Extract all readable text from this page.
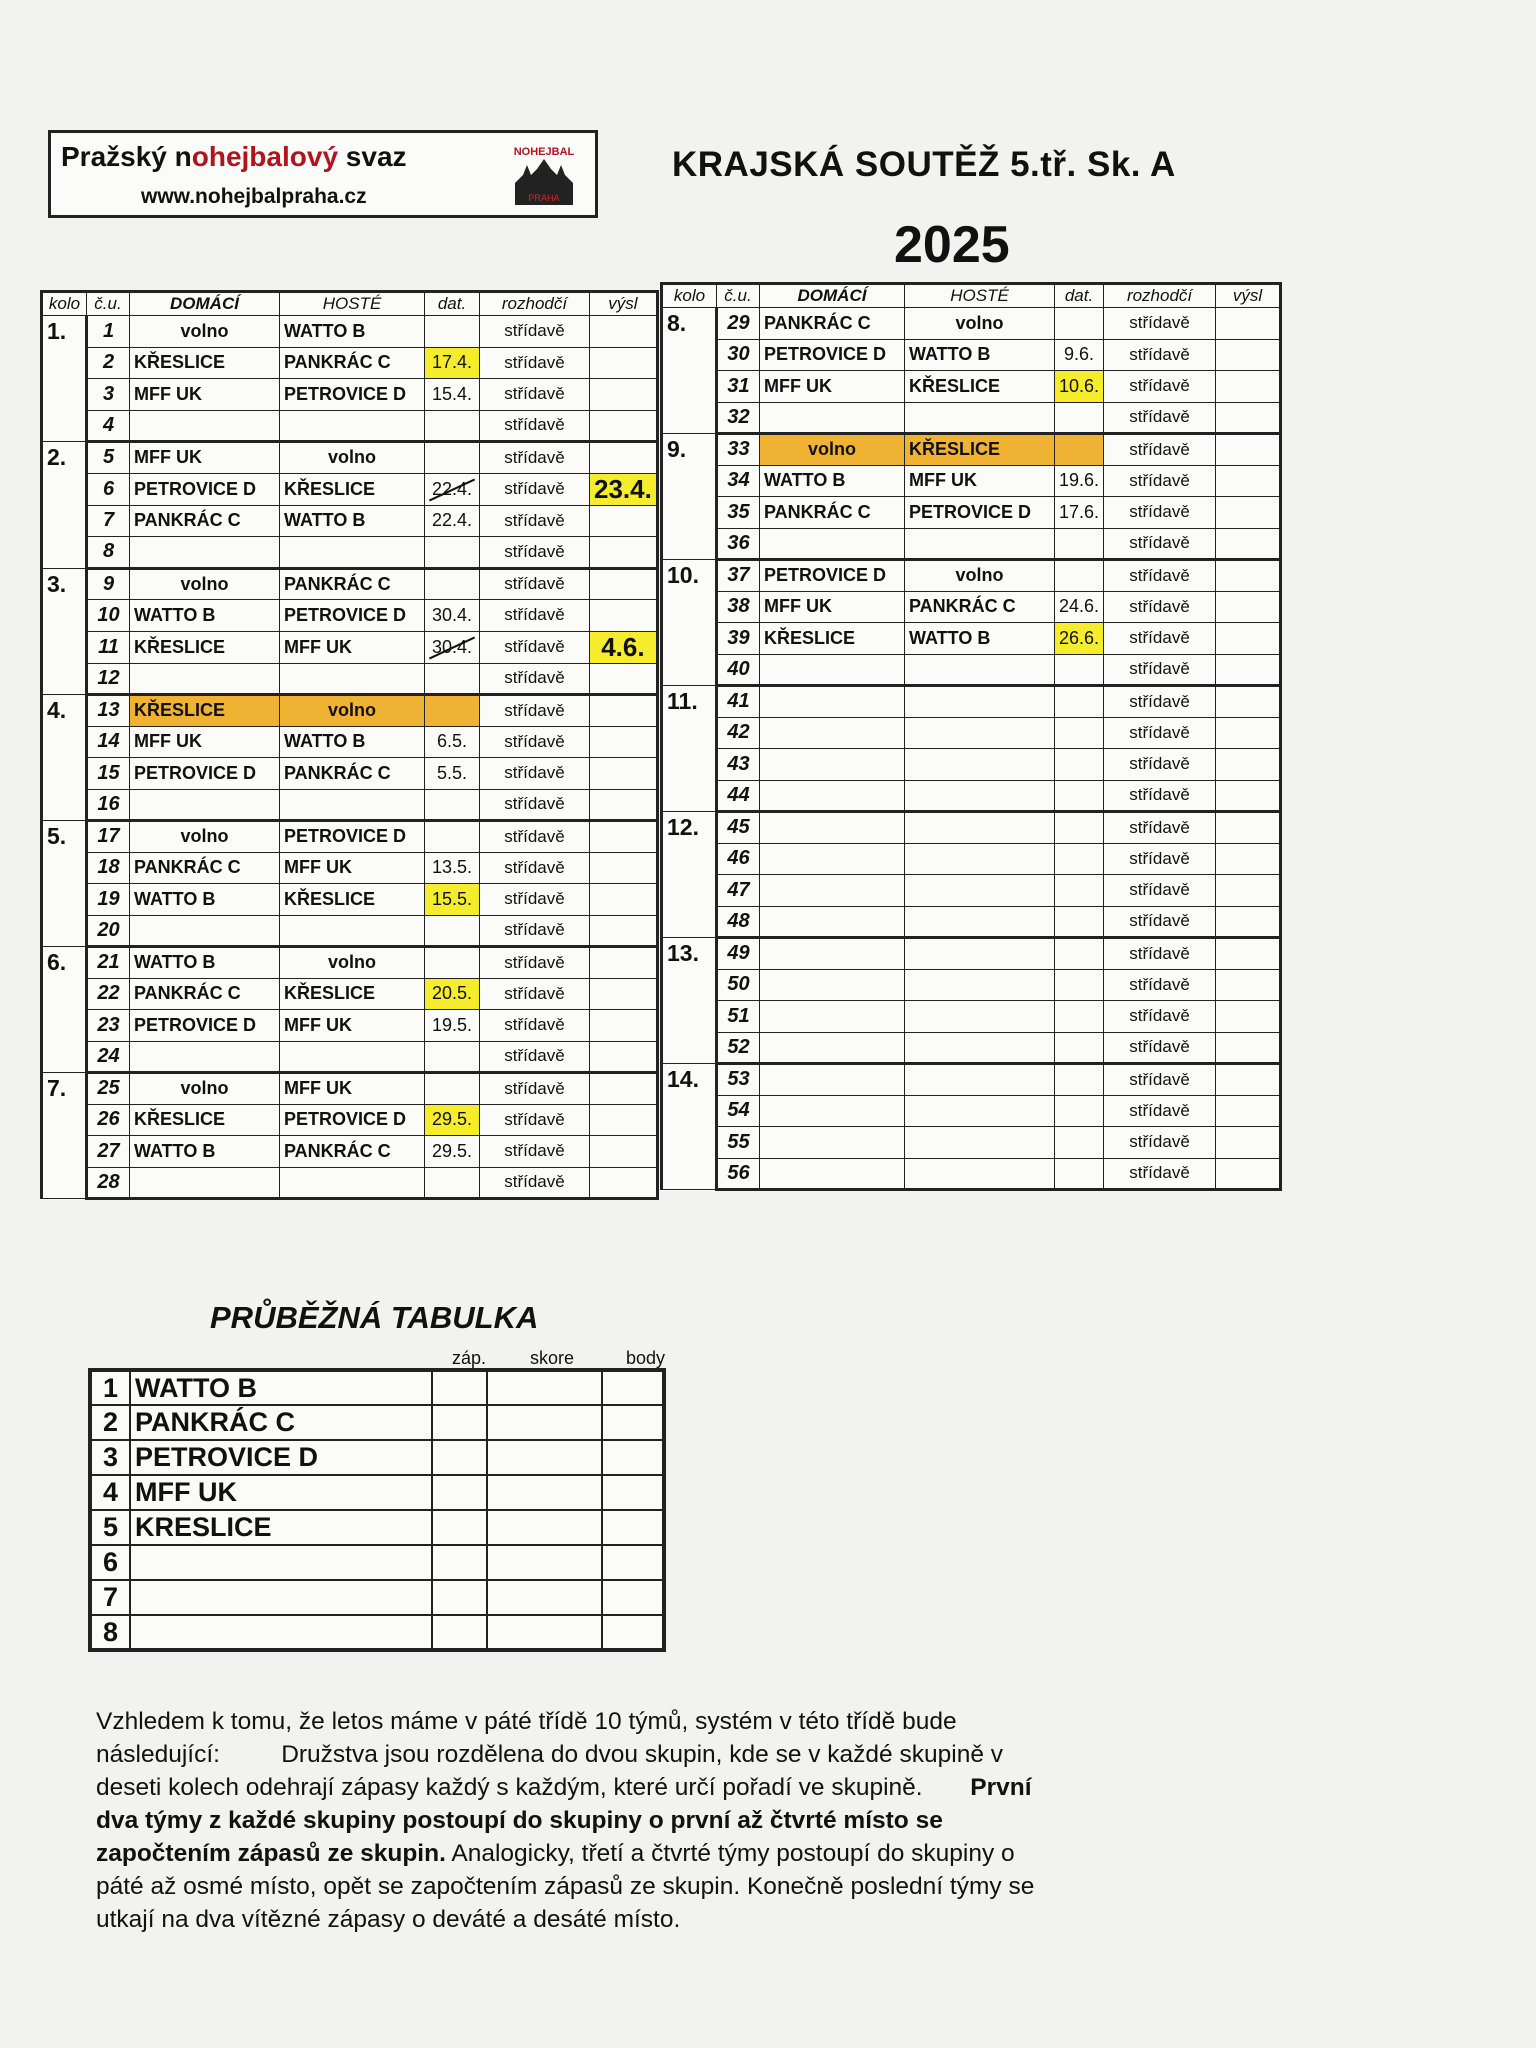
Pražský nohejbalový svaz
www.nohejbalpraha.cz
NOHEJBAL
PRAHA
KRAJSKÁ SOUTĚŽ 5.tř. Sk. A
2025
kolo	č.u.	DOMÁCÍ	HOSTÉ	dat.	rozhodčí	výsl
1.	1	volno	WATTO B		střídavě	
	2	KŘESLICE	PANKRÁC C	17.4.	střídavě	
	3	MFF UK	PETROVICE D	15.4.	střídavě	
	4				střídavě	
2.	5	MFF UK	volno		střídavě	
	6	PETROVICE D	KŘESLICE	22.4.	střídavě	23.4.
	7	PANKRÁC C	WATTO B	22.4.	střídavě	
	8				střídavě	
3.	9	volno	PANKRÁC C		střídavě	
	10	WATTO B	PETROVICE D	30.4.	střídavě	
	11	KŘESLICE	MFF UK	30.4.	střídavě	4.6.
	12				střídavě	
4.	13	KŘESLICE	volno		střídavě	
	14	MFF UK	WATTO B	6.5.	střídavě	
	15	PETROVICE D	PANKRÁC C	5.5.	střídavě	
	16				střídavě	
5.	17	volno	PETROVICE D		střídavě	
	18	PANKRÁC C	MFF UK	13.5.	střídavě	
	19	WATTO B	KŘESLICE	15.5.	střídavě	
	20				střídavě	
6.	21	WATTO B	volno		střídavě	
	22	PANKRÁC C	KŘESLICE	20.5.	střídavě	
	23	PETROVICE D	MFF UK	19.5.	střídavě	
	24				střídavě	
7.	25	volno	MFF UK		střídavě	
	26	KŘESLICE	PETROVICE D	29.5.	střídavě	
	27	WATTO B	PANKRÁC C	29.5.	střídavě	
	28				střídavě	
kolo	č.u.	DOMÁCÍ	HOSTÉ	dat.	rozhodčí	výsl
8.	29	PANKRÁC C	volno		střídavě	
	30	PETROVICE D	WATTO B	9.6.	střídavě	
	31	MFF UK	KŘESLICE	10.6.	střídavě	
	32				střídavě	
9.	33	volno	KŘESLICE		střídavě	
	34	WATTO B	MFF UK	19.6.	střídavě	
	35	PANKRÁC C	PETROVICE D	17.6.	střídavě	
	36				střídavě	
10.	37	PETROVICE D	volno		střídavě	
	38	MFF UK	PANKRÁC C	24.6.	střídavě	
	39	KŘESLICE	WATTO B	26.6.	střídavě	
	40				střídavě	
11.	41				střídavě	
	42				střídavě	
	43				střídavě	
	44				střídavě	
12.	45				střídavě	
	46				střídavě	
	47				střídavě	
	48				střídavě	
13.	49				střídavě	
	50				střídavě	
	51				střídavě	
	52				střídavě	
14.	53				střídavě	
	54				střídavě	
	55				střídavě	
	56				střídavě	
PRŮBĚŽNÁ TABULKA
záp. skore	body
1	WATTO B			
2	PANKRÁC C			
3	PETROVICE D			
4	MFF UK			
5	KRESLICE			
6				
7				
8				

Vzhledem k tomu, že letos máme v páté třídě 10 týmů, systém v této třídě bude následující:	Družstva jsou rozdělena do dvou skupin, kde se v každé skupině v deseti kolech odehrají zápasy každý s každým, které určí pořadí ve skupině. První dva týmy z každé skupiny postoupí do skupiny o první až čtvrté místo se započtením zápasů ze skupin. Analogicky, třetí a čtvrté týmy postoupí do skupiny o páté až osmé místo, opět se započtením zápasů ze skupin. Konečně poslední týmy se utkají na dva vítězné zápasy o deváté a desáté místo.
